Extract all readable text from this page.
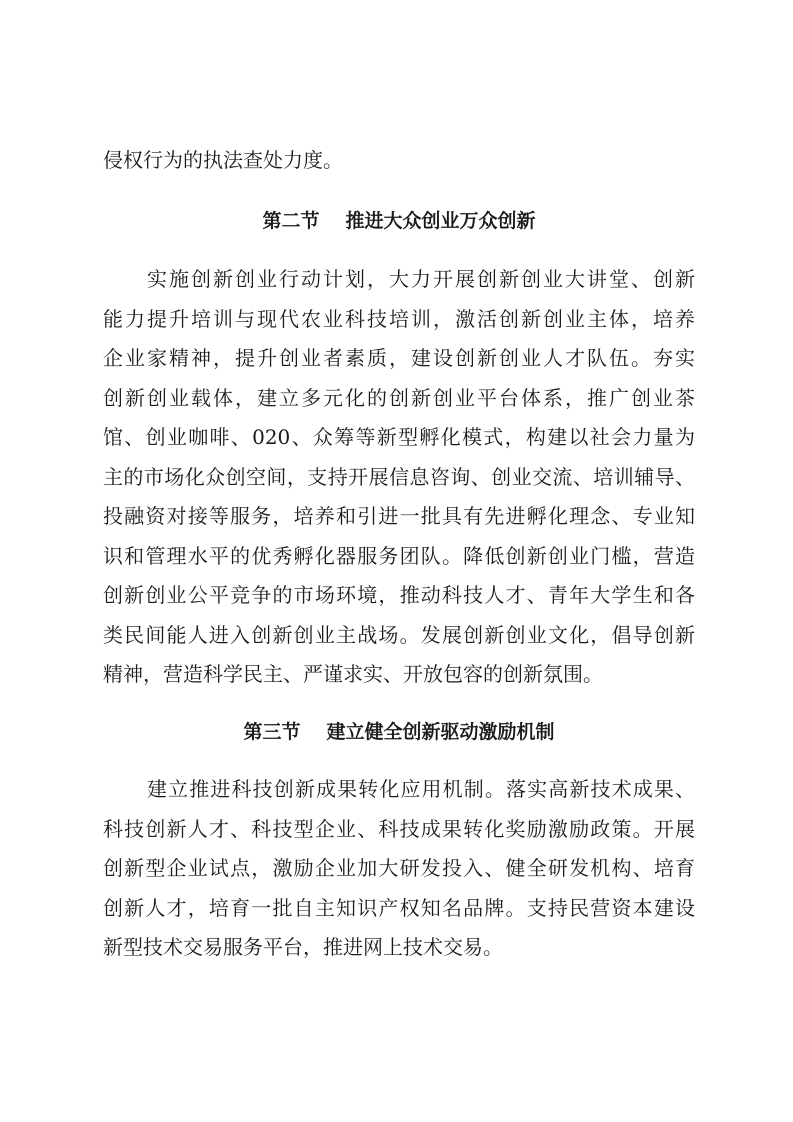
侵权行为的执法查处力度。
第二节 推进大众创业万众创新
实施创新创业行动计划，大力开展创新创业大讲堂、创新
能力提升培训与现代农业科技培训，激活创新创业主体，培养
企业家精神，提升创业者素质，建设创新创业人才队伍。夯实
创新创业载体，建立多元化的创新创业平台体系，推广创业茶
馆、创业咖啡、020、众筹等新型孵化模式，构建以社会力量为
主的市场化众创空间，支持开展信息咨询、创业交流、培训辅导、
投融资对接等服务，培养和引进一批具有先进孵化理念、专业知
识和管理水平的优秀孵化器服务团队。降低创新创业门槛，营造
创新创业公平竞争的市场环境，推动科技人才、青年大学生和各
类民间能人进入创新创业主战场。发展创新创业文化，倡导创新
精神，营造科学民主、严谨求实、开放包容的创新氛围。
第三节 建立健全创新驱动激励机制
建立推进科技创新成果转化应用机制。落实高新技术成果、
科技创新人才、科技型企业、科技成果转化奖励激励政策。开展
创新型企业试点，激励企业加大研发投入、健全研发机构、培育
创新人才，培育一批自主知识产权知名品牌。支持民营资本建设
新型技术交易服务平台，推进网上技术交易。
